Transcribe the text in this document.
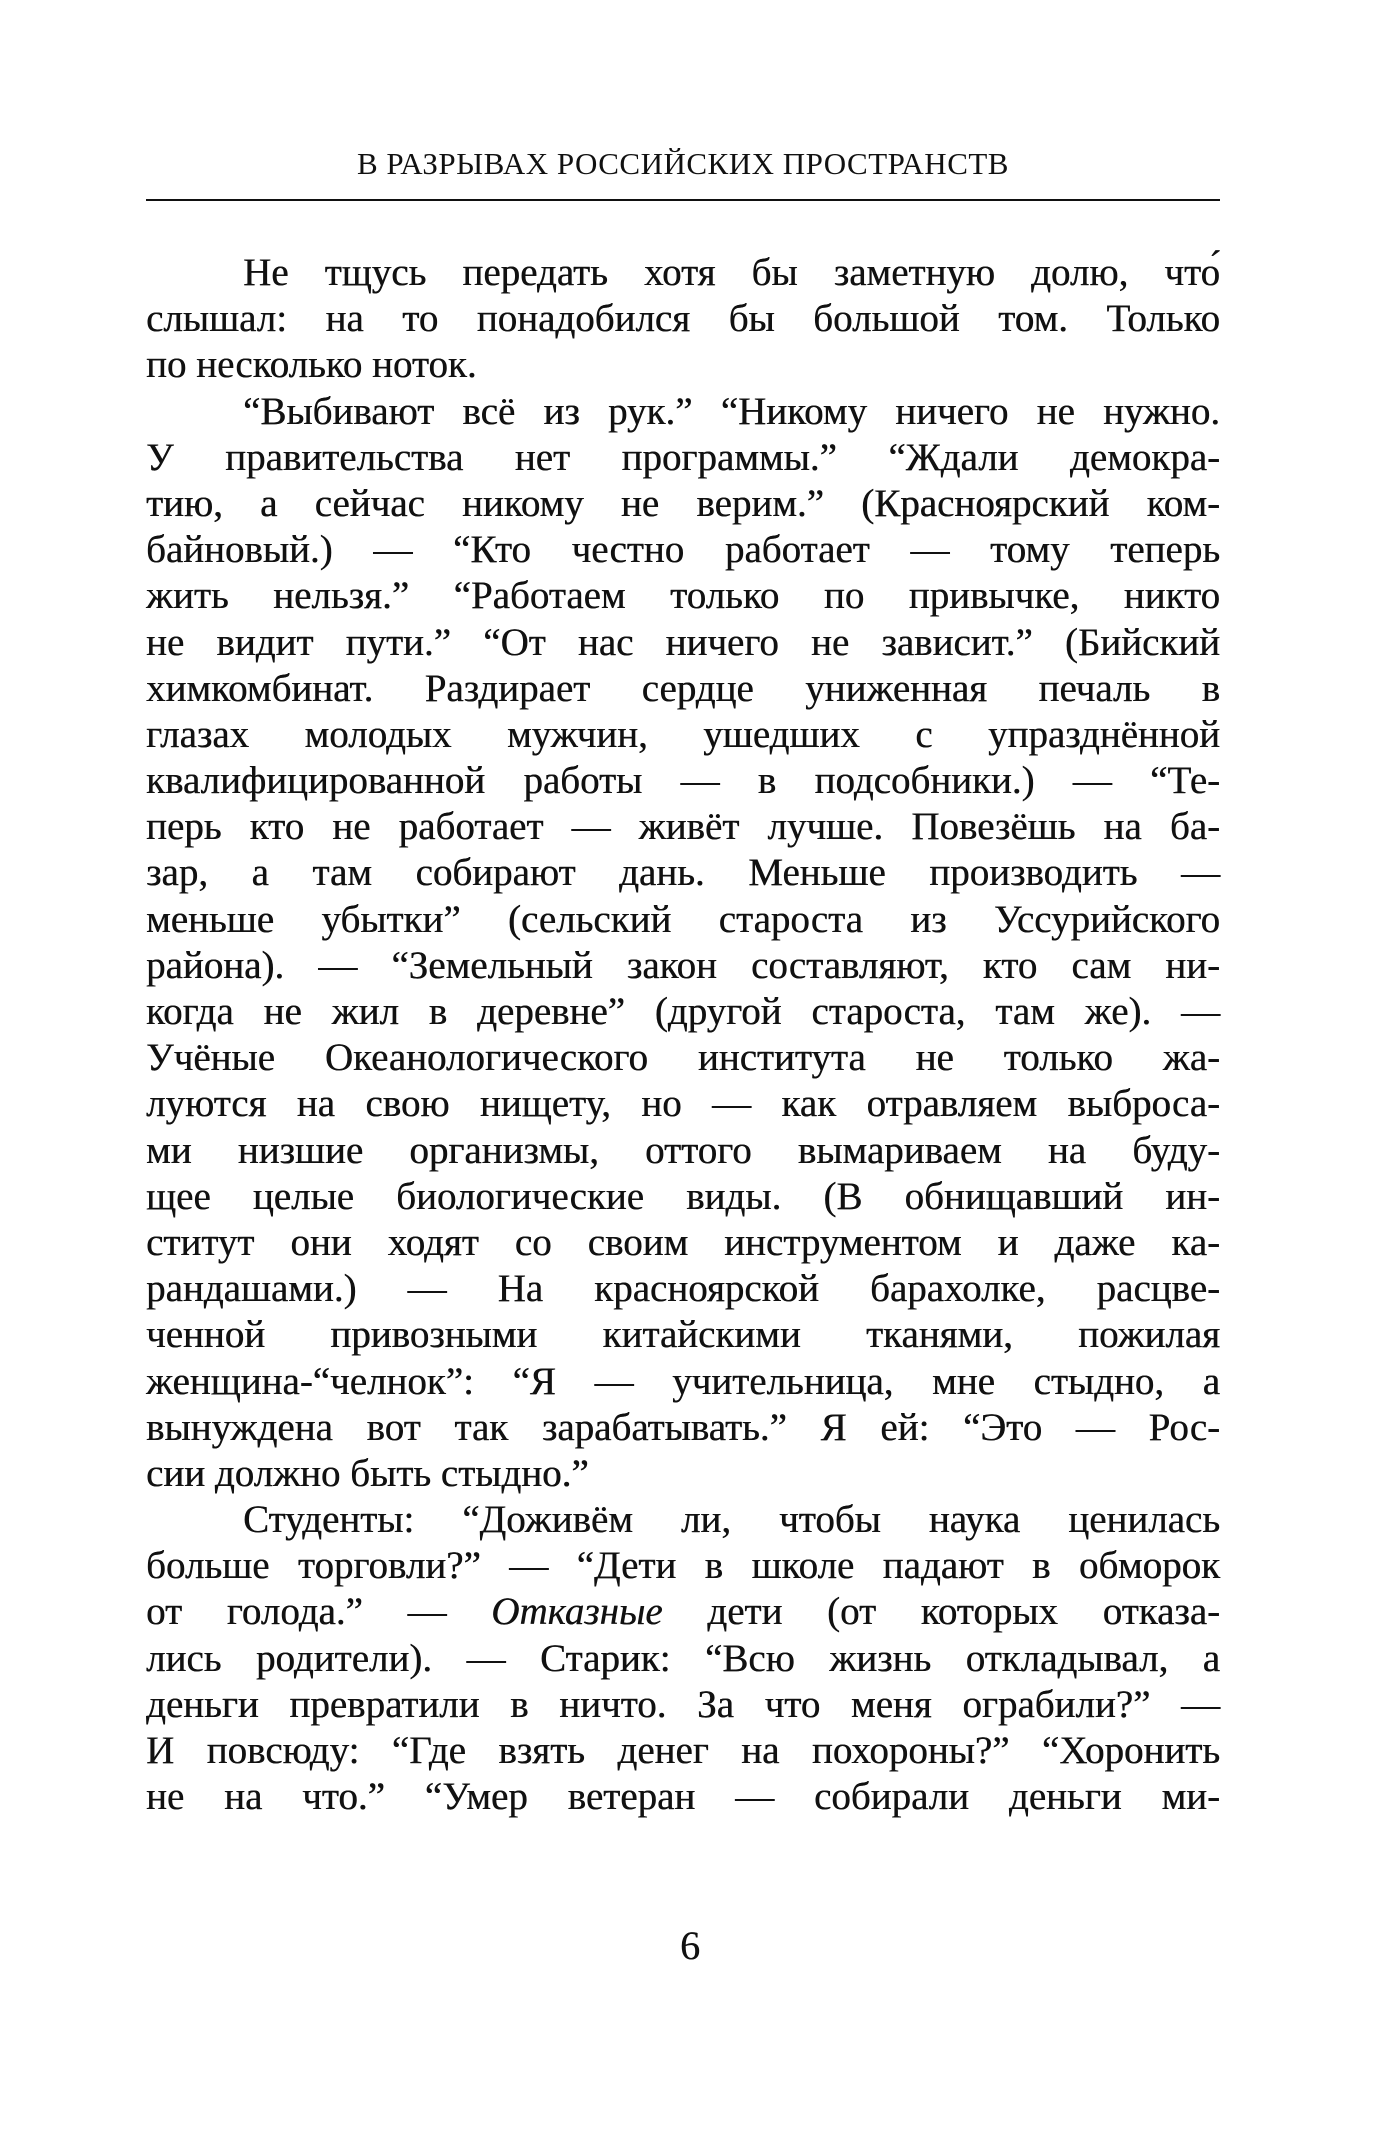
В РАЗРЫВАХ РОССИЙСКИХ ПРОСТРАНСТВ
Не тщусь передать хотя бы заметную долю, что́
слышал: на то понадобился бы большой том. Только
по несколько ноток.
“Выбивают всё из рук.” “Никому ничего не нужно.
У правительства нет программы.” “Ждали демокра-
тию, а сейчас никому не верим.” (Красноярский ком-
байновый.) — “Кто честно работает — тому теперь
жить нельзя.” “Работаем только по привычке, никто
не видит пути.” “От нас ничего не зависит.” (Бийский
химкомбинат. Раздирает сердце униженная печаль в
глазах молодых мужчин, ушедших с упразднённой
квалифицированной работы — в подсобники.) — “Те-
перь кто не работает — живёт лучше. Повезёшь на ба-
зар, а там собирают дань. Меньше производить —
меньше убытки” (сельский староста из Уссурийского
района). — “Земельный закон составляют, кто сам ни-
когда не жил в деревне” (другой староста, там же). —
Учёные Океанологического института не только жа-
луются на свою нищету, но — как отравляем выброса-
ми низшие организмы, оттого вымариваем на буду-
щее целые биологические виды. (В обнищавший ин-
ститут они ходят со своим инструментом и даже ка-
рандашами.) — На красноярской барахолке, расцве-
ченной привозными китайскими тканями, пожилая
женщина-“челнок”: “Я — учительница, мне стыдно, а
вынуждена вот так зарабатывать.” Я ей: “Это — Рос-
сии должно быть стыдно.”
Студенты: “Доживём ли, чтобы наука ценилась
больше торговли?” — “Дети в школе падают в обморок
от голода.” — Отказные дети (от которых отказа-
лись родители). — Старик: “Всю жизнь откладывал, а
деньги превратили в ничто. За что меня ограбили?” —
И повсюду: “Где взять денег на похороны?” “Хоронить
не на что.” “Умер ветеран — собирали деньги ми-
6
